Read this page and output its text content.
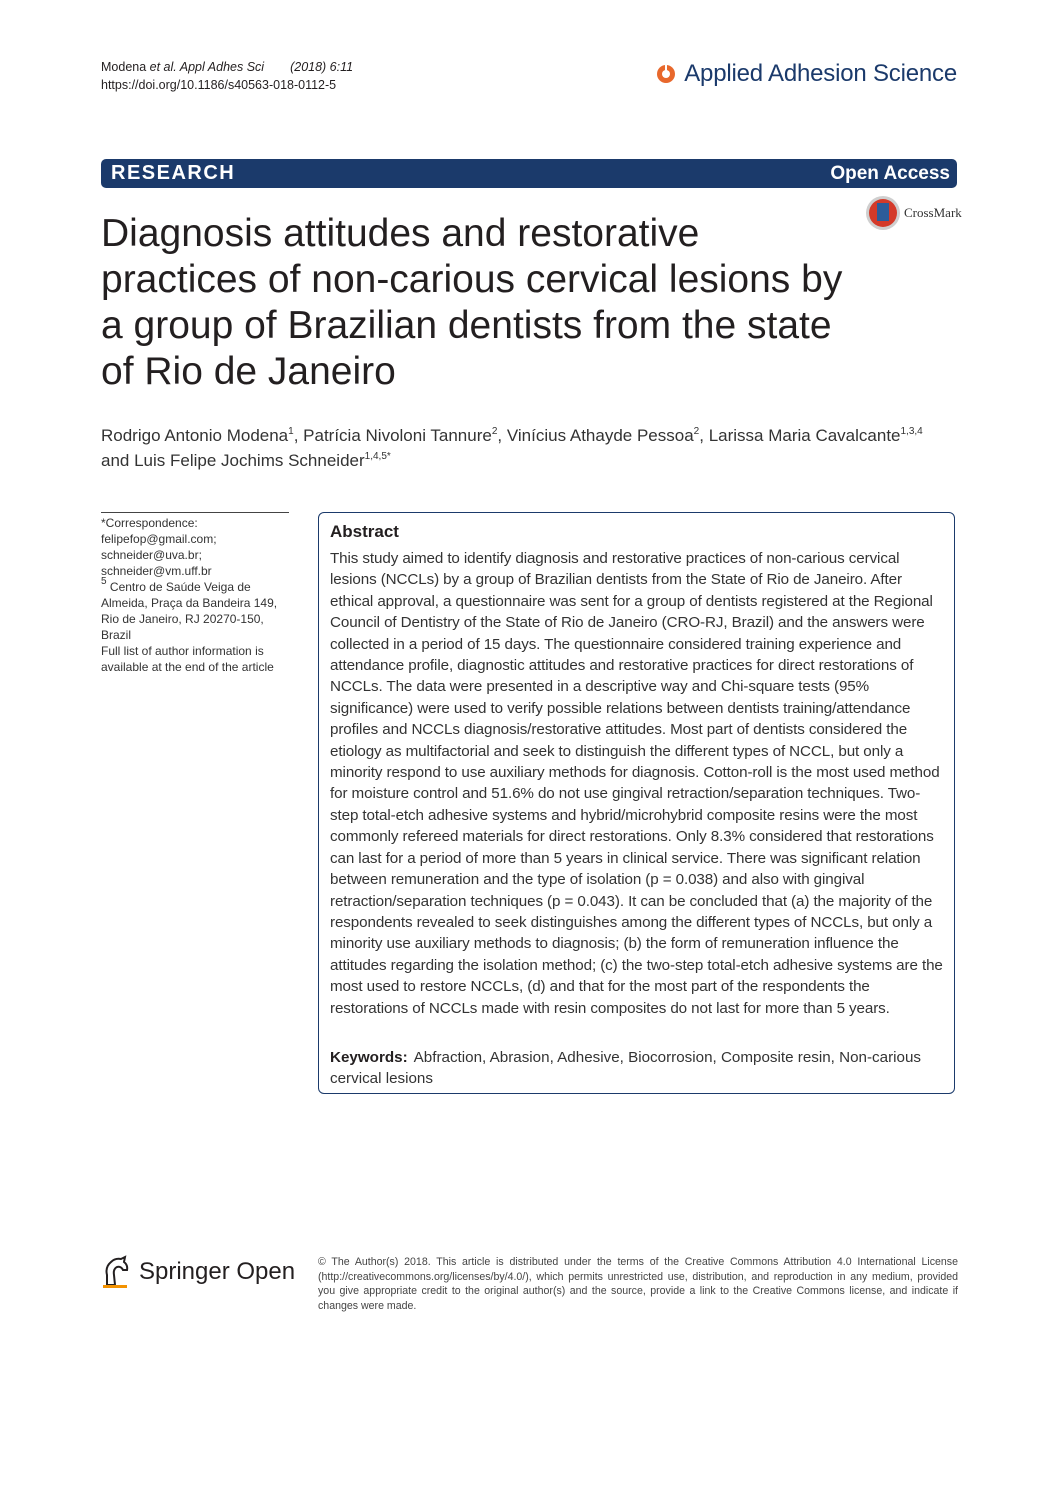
Modena et al. Appl Adhes Sci (2018) 6:11
https://doi.org/10.1186/s40563-018-0112-5	Applied Adhesion Science
RESEARCH	Open Access
CrossMark
Diagnosis attitudes and restorative practices of non-carious cervical lesions by a group of Brazilian dentists from the state of Rio de Janeiro
Rodrigo Antonio Modena$^1$, Patrícia Nivoloni Tannure$^2$, Vinícius Athayde Pessoa$^2$, Larissa Maria Cavalcante$^{1,3,4}$
and Luis Felipe Jochims Schneider$^{1,4,5*}$
*Correspondence:
felipefop@gmail.com;
schneider@uva.br;
schneider@vm.uff.br
$^5$ Centro de Saúde Veiga de Almeida, Praça da Bandeira 149, Rio de Janeiro, RJ 20270-150, Brazil
Full list of author information is available at the end of the article
Abstract
This study aimed to identify diagnosis and restorative practices of non-carious cervical lesions (NCCLs) by a group of Brazilian dentists from the State of Rio de Janeiro. After ethical approval, a questionnaire was sent for a group of dentists registered at the Regional Council of Dentistry of the State of Rio de Janeiro (CRO-RJ, Brazil) and the answers were collected in a period of 15 days. The questionnaire considered training experience and attendance profile, diagnostic attitudes and restorative practices for direct restorations of NCCLs. The data were presented in a descriptive way and Chi-square tests (95% significance) were used to verify possible relations between dentists training/attendance profiles and NCCLs diagnosis/restorative attitudes. Most part of dentists considered the etiology as multifactorial and seek to distinguish the different types of NCCL, but only a minority respond to use auxiliary methods for diagnosis. Cotton-roll is the most used method for moisture control and 51.6% do not use gingival retraction/separation techniques. Two-step total-etch adhesive systems and hybrid/microhybrid composite resins were the most commonly refereed materials for direct restorations. Only 8.3% considered that restorations can last for a period of more than 5 years in clinical service. There was significant relation between remuneration and the type of isolation (p = 0.038) and also with gingival retraction/separation techniques (p = 0.043). It can be concluded that (a) the majority of the respondents revealed to seek distinguishes among the different types of NCCLs, but only a minority use auxiliary methods to diagnosis; (b) the form of remuneration influence the attitudes regarding the isolation method; (c) the two-step total-etch adhesive systems are the most used to restore NCCLs, (d) and that for the most part of the respondents the restorations of NCCLs made with resin composites do not last for more than 5 years.
Keywords: Abfraction, Abrasion, Adhesive, Biocorrosion, Composite resin, Non-carious cervical lesions
Springer Open © The Author(s) 2018. This article is distributed under the terms of the Creative Commons Attribution 4.0 International License (http://creativecommons.org/licenses/by/4.0/), which permits unrestricted use, distribution, and reproduction in any medium, provided you give appropriate credit to the original author(s) and the source, provide a link to the Creative Commons license, and indicate if changes were made.
